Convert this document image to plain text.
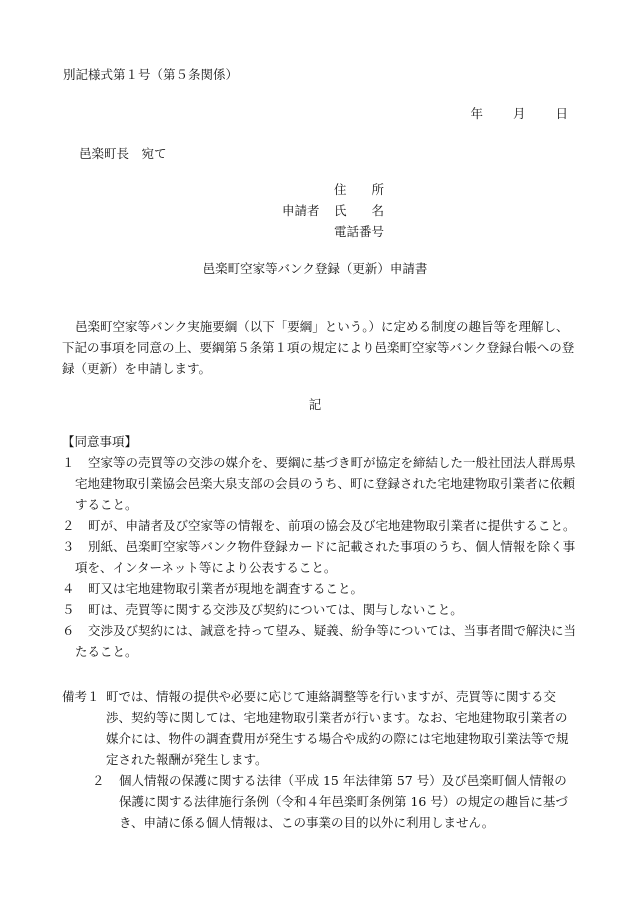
別記様式第１号（第５条関係）
年 月 日
邑楽町長　宛て
住　　所
申請者	氏　　名
電話番号
邑楽町空家等バンク登録（更新）申請書
邑楽町空家等バンク実施要綱（以下「要綱」という。）に定める制度の趣旨等を理解し、下記の事項を同意の上、要綱第５条第１項の規定により邑楽町空家等バンク登録台帳への登録（更新）を申請します。
記
【同意事項】
１ 空家等の売買等の交渉の媒介を、要綱に基づき町が協定を締結した一般社団法人群馬県宅地建物取引業協会邑楽大泉支部の会員のうち、町に登録された宅地建物取引業者に依頼すること。
２ 町が、申請者及び空家等の情報を、前項の協会及び宅地建物取引業者に提供すること。
３ 別紙、邑楽町空家等バンク物件登録カードに記載された事項のうち、個人情報を除く事項を、インターネット等により公表すること。
４ 町又は宅地建物取引業者が現地を調査すること。
５ 町は、売買等に関する交渉及び契約については、関与しないこと。
６ 交渉及び契約には、誠意を持って望み、疑義、紛争等については、当事者間で解決に当たること。
備考１ 町では、情報の提供や必要に応じて連絡調整等を行いますが、売買等に関する交渉、契約等に関しては、宅地建物取引業者が行います。なお、宅地建物取引業者の媒介には、物件の調査費用が発生する場合や成約の際には宅地建物取引業法等で規定された報酬が発生します。
２ 個人情報の保護に関する法律（平成 15 年法律第 57 号）及び邑楽町個人情報の保護に関する法律施行条例（令和４年邑楽町条例第 16 号）の規定の趣旨に基づき、申請に係る個人情報は、この事業の目的以外に利用しません。
